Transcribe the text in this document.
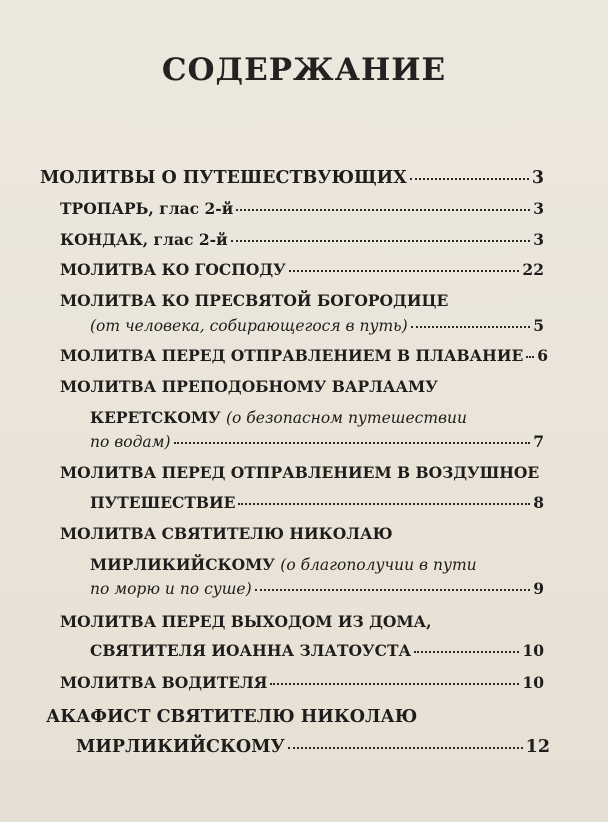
СОДЕРЖАНИЕ
МОЛИТВЫ О ПУТЕШЕСТВУЮЩИХ	3
ТРОПАРЬ, глас 2-й	3
КОНДАК, глас 2-й	3
МОЛИТВА КО ГОСПОДУ	22
МОЛИТВА КО ПРЕСВЯТОЙ БОГОРОДИЦЕ
(от человека, собирающегося в путь)	5
МОЛИТВА ПЕРЕД ОТПРАВЛЕНИЕМ В ПЛАВАНИЕ 6
МОЛИТВА ПРЕПОДОБНОМУ ВАРЛААМУ
КЕРЕТСКОМУ (о безопасном путешествии
по водам)	7
МОЛИТВА ПЕРЕД ОТПРАВЛЕНИЕМ В ВОЗДУШНОЕ
ПУТЕШЕСТВИЕ	8
МОЛИТВА СВЯТИТЕЛЮ НИКОЛАЮ
МИРЛИКИЙСКОМУ (о благополучии в пути
по морю и по суше)	9
МОЛИТВА ПЕРЕД ВЫХОДОМ ИЗ ДОМА,
СВЯТИТЕЛЯ ИОАННА ЗЛАТОУСТА	10
МОЛИТВА ВОДИТЕЛЯ	10
АКАФИСТ СВЯТИТЕЛЮ НИКОЛАЮ
МИРЛИКИЙСКОМУ	12
